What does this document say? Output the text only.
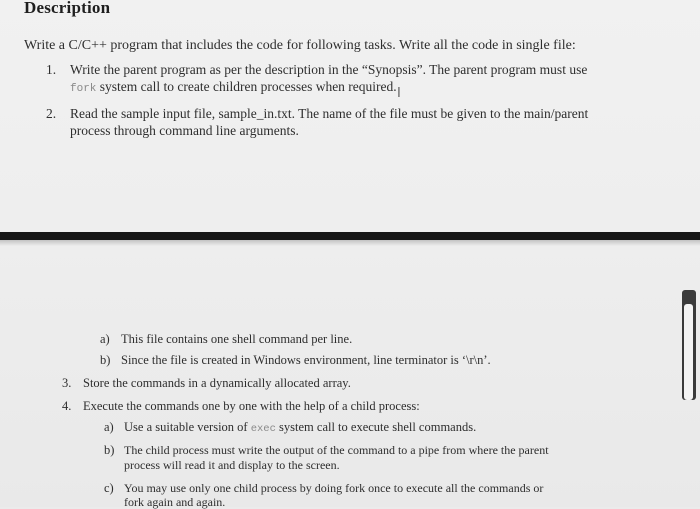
Description
Write a C/C++ program that includes the code for following tasks. Write all the code in single file:
1. Write the parent program as per the description in the “Synopsis”. The parent program must use
fork system call to create children processes when required. I
2. Read the sample input file, sample_in.txt. The name of the file must be given to the main/parent
process through command line arguments.
a) This file contains one shell command per line.
b) Since the file is created in Windows environment, line terminator is ‘\r\n’.
3. Store the commands in a dynamically allocated array.
4. Execute the commands one by one with the help of a child process:
a) Use a suitable version of exec system call to execute shell commands.
b) The child process must write the output of the command to a pipe from where the parent
process will read it and display to the screen.
c) You may use only one child process by doing fork once to execute all the commands or
fork again and again.
